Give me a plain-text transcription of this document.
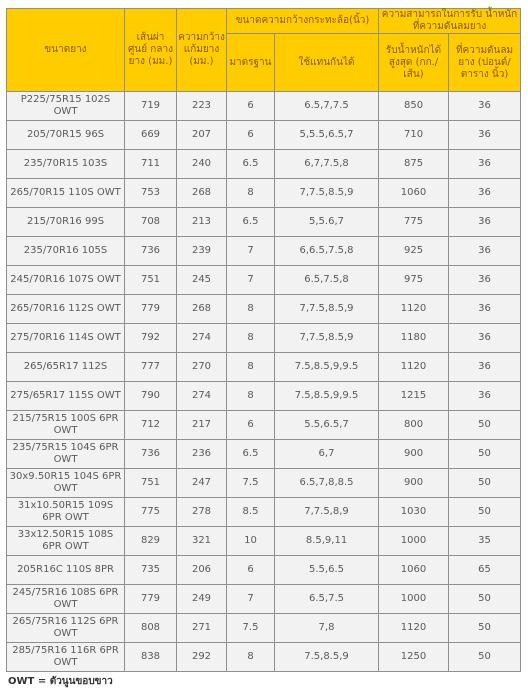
ขนาดยาง	เส้นผ่า ศูนย์ กลางยาง (มม.)	ความกว้าง แก้มยาง (มม.)	ขนาดความกว้างกระทะล้อ(นิ้ว)		ความสามารถในการรับ น้ำหนักที่ความดันลมยาง	
			มาตรฐาน	ใช้แทนกันได้	รับน้ำหนักได้ สูงสุด (กก./เส้น)	ที่ความดันลม ยาง (ปอนด์/ตาราง นิ้ว)
P225/75R15 102S OWT	719	223	6	6.5,7,7.5	850	36
205/70R15 96S	669	207	6	5,5.5,6.5,7	710	36
235/70R15 103S	711	240	6.5	6,7,7.5,8	875	36
265/70R15 110S OWT	753	268	8	7,7.5,8.5,9	1060	36
215/70R16 99S	708	213	6.5	5,5.6,7	775	36
235/70R16 105S	736	239	7	6,6.5,7.5,8	925	36
245/70R16 107S OWT	751	245	7	6.5,7.5,8	975	36
265/70R16 112S OWT	779	268	8	7,7.5,8.5,9	1120	36
275/70R16 114S OWT	792	274	8	7,7.5,8.5,9	1180	36
265/65R17 112S	777	270	8	7.5,8.5,9,9.5	1120	36
275/65R17 115S OWT	790	274	8	7.5,8.5,9,9.5	1215	36
215/75R15 100S 6PR OWT	712	217	6	5.5,6.5,7	800	50
235/75R15 104S 6PR OWT	736	236	6.5	6,7	900	50
30x9.50R15 104S 6PR OWT	751	247	7.5	6.5,7,8,8.5	900	50
31x10.50R15 109S 6PR OWT	775	278	8.5	7,7.5,8,9	1030	50
33x12.50R15 108S 6PR OWT	829	321	10	8.5,9,11	1000	35
205R16C 110S 8PR	735	206	6	5.5,6.5	1060	65
245/75R16 108S 6PR OWT	779	249	7	6.5,7.5	1000	50
265/75R16 112S 6PR OWT	808	271	7.5	7,8	1120	50
285/75R16 116R 6PR OWT	838	292	8	7.5,8.5,9	1250	50
OWT = ตัวนูนขอบขาว
